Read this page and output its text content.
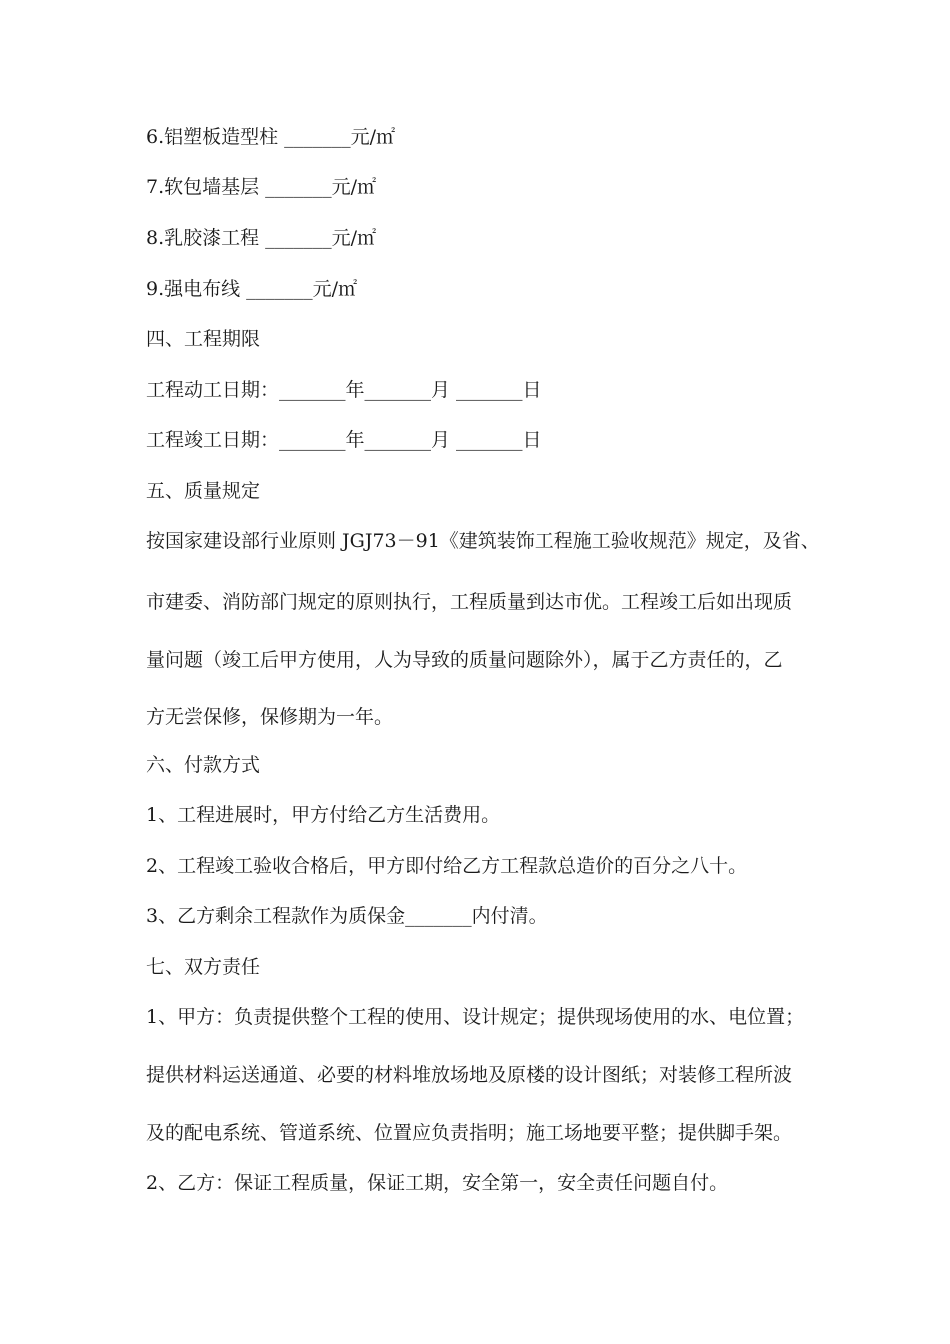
6.铝塑板造型柱 _______元/㎡
7.软包墙基层 _______元/㎡
8.乳胶漆工程 _______元/㎡
9.强电布线 _______元/㎡
四、工程期限
工程动工日期：_______年_______月 _______日
工程竣工日期：_______年_______月 _______日
五、质量规定
按国家建设部行业原则 JGJ73－91《建筑装饰工程施工验收规范》规定，及省、
市建委、消防部门规定的原则执行，工程质量到达市优。工程竣工后如出现质
量问题（竣工后甲方使用，人为导致的质量问题除外），属于乙方责任的，乙
方无尝保修，保修期为一年。
六、付款方式
1、工程进展时，甲方付给乙方生活费用。
2、工程竣工验收合格后，甲方即付给乙方工程款总造价的百分之八十。
3、乙方剩余工程款作为质保金_______内付清。
七、双方责任
1、甲方：负责提供整个工程的使用、设计规定；提供现场使用的水、电位置；
提供材料运送通道、必要的材料堆放场地及原楼的设计图纸；对装修工程所波
及的配电系统、管道系统、位置应负责指明；施工场地要平整；提供脚手架。
2、乙方：保证工程质量，保证工期，安全第一，安全责任问题自付。
